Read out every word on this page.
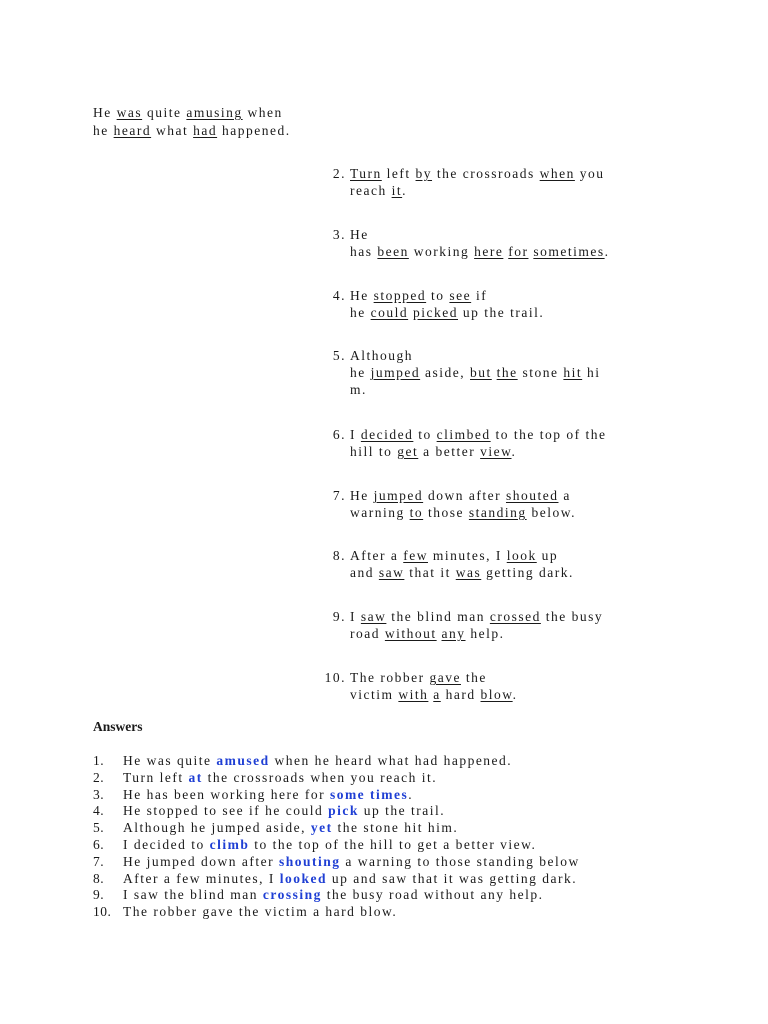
He was quite amusing when
he heard what had happened.
2. Turn left by the crossroads when you
reach it.
3. He
has been working here for sometimes.
4. He stopped to see if
he could picked up the trail.
5. Although
he jumped aside, but the stone hit hi
m.
6. I decided to climbed to the top of the
hill to get a better view.
7. He jumped down after shouted a
warning to those standing below.
8. After a few minutes, I look up
and saw that it was getting dark.
9. I saw the blind man crossed the busy
road without any help.
10. The robber gave the
victim with a hard blow.
Answers
1. He was quite amused when he heard what had happened.
2. Turn left at the crossroads when you reach it.
3. He has been working here for some times.
4. He stopped to see if he could pick up the trail.
5. Although he jumped aside, yet the stone hit him.
6. I decided to climb to the top of the hill to get a better view.
7. He jumped down after shouting a warning to those standing below
8. After a few minutes, I looked up and saw that it was getting dark.
9. I saw the blind man crossing the busy road without any help.
10. The robber gave the victim a hard blow.
